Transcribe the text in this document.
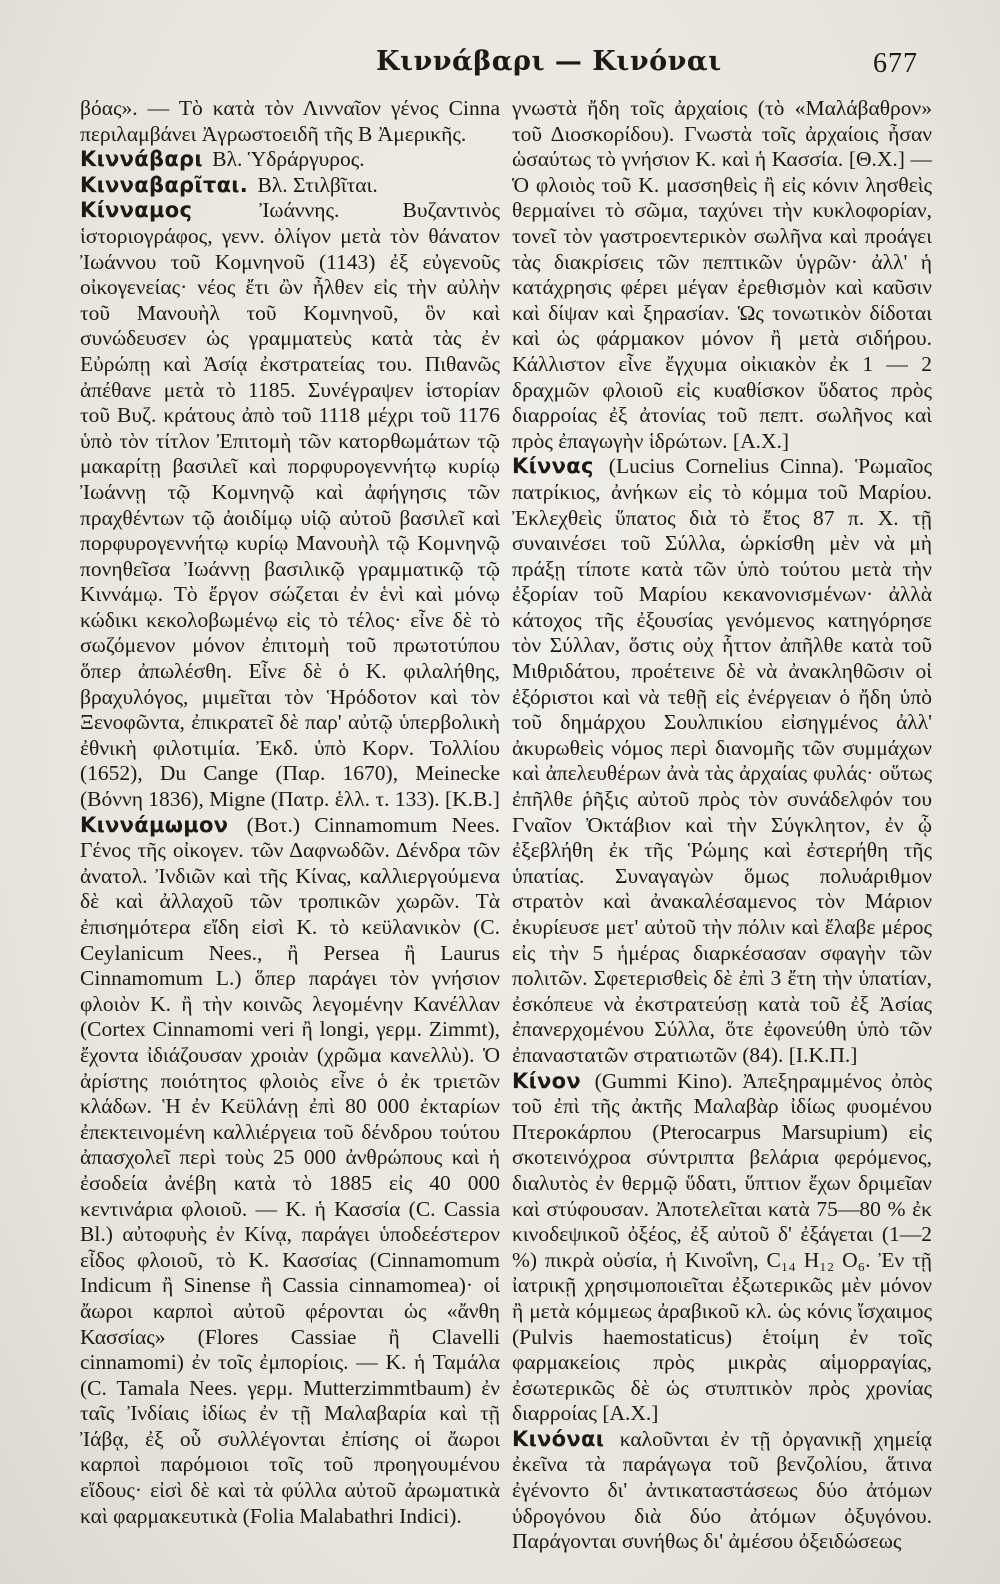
Κιννάβαρι — Κινόναι	677

βόας». — Τὸ κατὰ τὸν Λινναῖον γένος Cinna περιλαμβάνει Ἀγρωστοειδῆ τῆς Β Ἀμερικῆς.

Κιννάβαρι Βλ. Ὑδράργυρος.

Κινναβαρῖται. Βλ. Στιλβῖται.

Κίνναμος	Ἰωάννης. Βυζαντινὸς ἱστοριογράφος, γενν. ὀλίγον μετὰ τὸν θάνατον Ἰωάννου τοῦ Κομνηνοῦ (1143) ἐξ εὐγενοῦς οἰκογενείας· νέος ἔτι ὢν ἦλθεν εἰς τὴν αὐλὴν τοῦ Μανουὴλ τοῦ Κομνηνοῦ, ὃν καὶ συνώδευσεν ὡς γραμματεὺς κατὰ τὰς ἐν Εὐρώπῃ καὶ Ἀσίᾳ ἐκστρατείας του. Πιθανῶς ἀπέθανε μετὰ τὸ 1185. Συνέγραψεν ἱστορίαν τοῦ Βυζ. κράτους ἀπὸ τοῦ 1118 μέχρι τοῦ 1176 ὑπὸ τὸν τίτλον Ἐπιτομὴ τῶν κατορθωμάτων τῷ μακαρίτῃ βασιλεῖ καὶ πορφυρογεννήτῳ κυρίῳ Ἰωάννῃ τῷ Κομνηνῷ καὶ ἀφήγησις τῶν πραχθέντων τῷ ἀοιδίμῳ υἱῷ αὐτοῦ βασιλεῖ καὶ πορφυρογεννήτῳ κυρίῳ Μανουὴλ τῷ Κομνηνῷ πονηθεῖσα Ἰωάννῃ βασιλικῷ γραμματικῷ τῷ Κιννάμῳ. Τὸ ἔργον σώζεται ἐν ἑνὶ καὶ μόνῳ κώδικι κεκολοβωμένῳ εἰς τὸ τέλος· εἶνε δὲ τὸ σωζόμενον μόνον ἐπιτομὴ τοῦ πρωτοτύπου ὅπερ ἀπωλέσθη. Εἶνε δὲ ὁ Κ. φιλαλήθης, βραχυλόγος, μιμεῖται τὸν Ἡρόδοτον καὶ τὸν Ξενοφῶντα, ἐπικρατεῖ δὲ παρ' αὐτῷ ὑπερβολικὴ ἐθνικὴ φιλοτιμία. Ἐκδ. ὑπὸ Κορν. Τολλίου (1652), Du Cange (Παρ. 1670), Meinecke (Βόννη 1836), Migne (Πατρ. ἑλλ. τ. 133). [Κ.Β.]

Κιννάμωμον (Βοτ.) Cinnamomum Nees. Γένος τῆς οἰκογεν. τῶν Δαφνωδῶν. Δένδρα τῶν ἀνατολ. Ἰνδιῶν καὶ τῆς Κίνας, καλλιεργούμενα δὲ καὶ ἀλλαχοῦ τῶν τροπικῶν χωρῶν. Τὰ ἐπισημότερα εἴδη εἰσὶ Κ. τὸ κεϋλανικὸν (C. Ceylanicum Nees., ἢ Persea ἢ Laurus Cinnamomum L.) ὅπερ παράγει τὸν γνήσιον φλοιὸν Κ. ἢ τὴν κοινῶς λεγομένην Κανέλλαν (Cortex Cinnamomi veri ἢ longi, γερμ. Zimmt), ἔχοντα ἰδιάζουσαν χροιὰν (χρῶμα κανελλὺ). Ὁ ἀρίστης ποιότητος φλοιὸς εἶνε ὁ ἐκ τριετῶν κλάδων. Ἡ ἐν Κεϋλάνῃ ἐπὶ 80 000 ἐκταρίων ἐπεκτεινομένη καλλιέργεια τοῦ δένδρου τούτου ἀπασχολεῖ περὶ τοὺς 25 000 ἀνθρώπους καὶ ἡ ἐσοδεία ἀνέβη κατὰ τὸ 1885 εἰς 40 000 κεντινάρια φλοιοῦ. — Κ. ἡ Κασσία (C. Cassia Bl.) αὐτοφυὴς ἐν Κίνᾳ, παράγει ὑποδεέστερον εἶδος φλοιοῦ, τὸ Κ. Κασσίας (Cinnamomum Indicum ἢ Sinense ἢ Cassia cinnamomea)· οἱ ἄωροι καρποὶ αὐτοῦ φέρονται ὡς «ἄνθη Κασσίας» (Flores Cassiae ἢ Clavelli cinnamomi) ἐν τοῖς ἐμπορίοις. — Κ. ἡ Ταμάλα (C. Tamala Nees. γερμ. Mutterzimmtbaum) ἐν ταῖς Ἰνδίαις ἰδίως ἐν τῇ Μαλαβαρία καὶ τῇ Ἰάβᾳ, ἐξ οὗ συλλέγονται ἐπίσης οἱ ἄωροι καρποὶ παρόμοιοι τοῖς τοῦ προηγουμένου εἴδους· εἰσὶ δὲ καὶ τὰ φύλλα αὐτοῦ ἀρωματικὰ καὶ φαρμακευτικὰ (Folia Malabathri Indici).

γνωστὰ ἤδη τοῖς ἀρχαίοις (τὸ «Μαλάβαθρον» τοῦ Διοσκορίδου). Γνωστὰ τοῖς ἀρχαίοις ἦσαν ὡσαύτως τὸ γνήσιον Κ. καὶ ἡ Κασσία. [Θ.Χ.] — Ὁ φλοιὸς τοῦ Κ. μασσηθεὶς ἢ εἰς κόνιν λησθεὶς θερμαίνει τὸ σῶμα, ταχύνει τὴν κυκλοφορίαν, τονεῖ τὸν γαστροεντερικὸν σωλῆνα καὶ προάγει τὰς διακρίσεις τῶν πεπτικῶν ὑγρῶν· ἀλλ' ἡ κατάχρησις φέρει μέγαν ἐρεθισμὸν καὶ καῦσιν καὶ δίψαν καὶ ξηρασίαν. Ὡς τονωτικὸν δίδοται καὶ ὡς φάρμακον μόνον ἢ μετὰ σιδήρου. Κάλλιστον εἶνε ἔγχυμα οἰκιακὸν ἐκ 1 — 2 δραχμῶν φλοιοῦ εἰς κυαθίσκον ὕδατος πρὸς διαρροίας ἐξ ἀτονίας τοῦ πεπτ. σωλῆνος καὶ πρὸς ἐπαγωγὴν ἱδρώτων. [Α.Χ.]

Κίννας (Lucius Cornelius Cinna). Ῥωμαῖος πατρίκιος, ἀνήκων εἰς τὸ κόμμα τοῦ Μαρίου. Ἐκλεχθεὶς ὕπατος διὰ τὸ ἔτος 87 π. Χ. τῇ συναινέσει τοῦ Σύλλα, ὡρκίσθη μὲν νὰ μὴ πράξῃ τίποτε κατὰ τῶν ὑπὸ τούτου μετὰ τὴν ἐξορίαν τοῦ Μαρίου κεκανονισμένων· ἀλλὰ κάτοχος τῆς ἐξουσίας γενόμενος κατηγόρησε τὸν Σύλλαν, ὅστις οὐχ ἧττον ἀπῆλθε κατὰ τοῦ Μιθριδάτου, προέτεινε δὲ νὰ ἀνακληθῶσιν οἱ ἐξόριστοι καὶ νὰ τεθῇ εἰς ἐνέργειαν ὁ ἤδη ὑπὸ τοῦ δημάρχου Σουλπικίου εἰσηγμένος ἀλλ' ἀκυρωθεὶς νόμος περὶ διανομῆς τῶν συμμάχων καὶ ἀπελευθέρων ἀνὰ τὰς ἀρχαίας φυλάς· οὕτως ἐπῆλθε ῥῆξις αὐτοῦ πρὸς τὸν συνάδελφόν του Γναῖον Ὀκτάβιον καὶ τὴν Σύγκλητον, ἐν ᾧ ἐξεβλήθη ἐκ τῆς Ῥώμης καὶ ἐστερήθη τῆς ὑπατίας. Συναγαγὼν ὅμως πολυάριθμον στρατὸν καὶ ἀνακαλέσαμενος τὸν Μάριον ἐκυρίευσε μετ' αὐτοῦ τὴν πόλιν καὶ ἔλαβε μέρος εἰς τὴν 5 ἡμέρας διαρκέσασαν σφαγὴν τῶν πολιτῶν. Σφετερισθεὶς δὲ ἐπὶ 3 ἔτη τὴν ὑπατίαν, ἐσκόπευε νὰ ἐκστρατεύσῃ κατὰ τοῦ ἐξ Ἀσίας ἐπανερχομένου Σύλλα, ὅτε ἐφονεύθη ὑπὸ τῶν ἐπαναστατῶν στρατιωτῶν (84). [Ι.Κ.Π.]

Κίνον (Gummi Kino). Ἀπεξηραμμένος ὀπὸς τοῦ ἐπὶ τῆς ἀκτῆς Μαλαβὰρ ἰδίως φυομένου Πτεροκάρπου (Pterocarpus Marsupium) εἰς σκοτεινόχροα σύντριπτα βελάρια φερόμενος, διαλυτὸς ἐν θερμῷ ὕδατι, ὕπτιον ἔχων δριμεῖαν καὶ στύφουσαν. Ἀποτελεῖται κατὰ 75—80 % ἐκ κινοδεψικοῦ ὀξέος, ἐξ αὐτοῦ δ' ἐξάγεται (1—2 %) πικρὰ οὐσία, ἡ Κινοΐνη, C₁₄ H₁₂ O₆. Ἐν τῇ ἰατρικῇ χρησιμοποιεῖται ἐξωτερικῶς μὲν μόνον ἢ μετὰ κόμμεως ἀραβικοῦ κλ. ὡς κόνις ἴσχαιμος (Pulvis haemostaticus) ἑτοίμη ἐν τοῖς φαρμακείοις πρὸς μικρὰς αἱμορραγίας, ἐσωτερικῶς δὲ ὡς στυπτικὸν πρὸς χρονίας διαρροίας [Α.Χ.]

Κινόναι καλοῦνται ἐν τῇ ὀργανικῇ χημείᾳ ἐκεῖνα τὰ παράγωγα τοῦ βενζολίου, ἅτινα ἐγένοντο δι' ἀντικαταστάσεως δύο ἀτόμων ὑδρογόνου διὰ δύο ἀτόμων ὀξυγόνου. Παράγονται συνήθως δι' ἀμέσου ὀξειδώσεως
